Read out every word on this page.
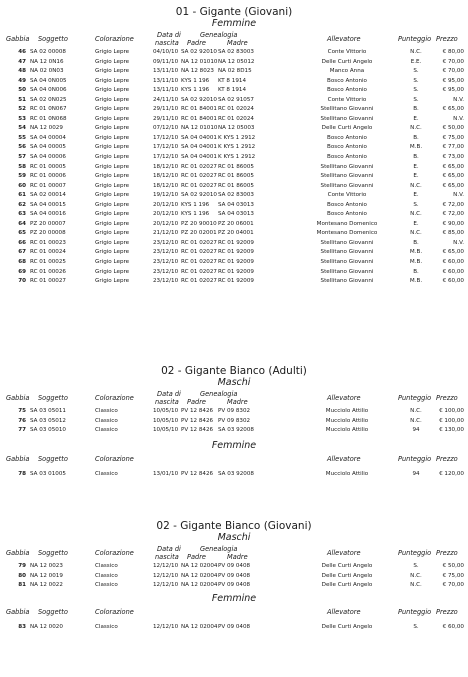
01 - Gigante (Giovani)
Femmine
Gabbia Soggetto	Colorazione	Data di
nascita
Genealogia
Padre	Madre	Allevatore	Punteggio Prezzo
46 SA 02 00008	Grigio Lepre	04/10/10 SA 02 92010 SA 02 83003	Conte Vittorio	N.C.	€ 80,00
47 NA 12 0N16	Grigio Lepre	09/11/10 NA 12 01010 NA 12 05012	Delle Curti Angelo	E.E.	€ 70,00
48 NA 02 0N03	Grigio Lepre	13/11/10 NA 12 8023 NA 02 8D15	Manco Anna	S.	€ 70,00
49 SA 04 0N005	Grigio Lepre	13/11/10 KYS 1 196 KT 8 1914	Bosco Antonio	S.	€ 95,00
50 SA 04 0N006	Grigio Lepre	13/11/10 KYS 1 196 KT 8 1914	Bosco Antonio	S.	€ 95,00
51 SA 02 0N025	Grigio Lepre	24/11/10 SA 02 92010 SA 02 91057	Conte Vittorio	S.	N.V.
52 RC 01 0N067	Grigio Lepre	29/11/10 RC 01 84001 RC 01 02024	Stellitano Giovanni	B.	€ 65,00
53 RC 01 0N068	Grigio Lepre	29/11/10 RC 01 84001 RC 01 02024	Stellitano Giovanni	E.	N.V.
54 NA 12 0029	Grigio Lepre	07/12/10 NA 12 01010 NA 12 05003	Delle Curti Angelo	N.C.	€ 50,00
55 SA 04 00004	Grigio Lepre	17/12/10 SA 04 04001 K KYS 1 2912	Bosco Antonio	B.	€ 75,00
56 SA 04 00005	Grigio Lepre	17/12/10 SA 04 04001 K KYS 1 2912	Bosco Antonio	M.B.	€ 77,00
57 SA 04 00006	Grigio Lepre	17/12/10 SA 04 04001 K KYS 1 2912	Bosco Antonio	B.	€ 73,00
58 RC 01 00005	Grigio Lepre	18/12/10 RC 01 02027 RC 01 86005	Stellitano Giovanni	E.	€ 65,00
59 RC 01 00006	Grigio Lepre	18/12/10 RC 01 02027 RC 01 86005	Stellitano Giovanni	E.	€ 65,00
60 RC 01 00007	Grigio Lepre	18/12/10 RC 01 02027 RC 01 86005	Stellitano Giovanni	N.C.	€ 65,00
61 SA 02 00014	Grigio Lepre	19/12/10 SA 02 92010 SA 02 83003	Conte Vittorio	E.	N.V.
62 SA 04 00015	Grigio Lepre	20/12/10 KYS 1 196 SA 04 03013	Bosco Antonio	S.	€ 72,00
63 SA 04 00016	Grigio Lepre	20/12/10 KYS 1 196 SA 04 03013	Bosco Antonio	N.C.	€ 72,00
64 PZ 20 00007	Grigio Lepre	20/12/10 PZ 20 90010 PZ 20 06001	Montesano Domenico	E.	€ 90,00
65 PZ 20 00008	Grigio Lepre	21/12/10 PZ 20 02001 PZ 20 04001	Montesano Domenico	N.C.	€ 85,00
66 RC 01 00023	Grigio Lepre	23/12/10 RC 01 02027 RC 01 92009	Stellitano Giovanni	B.	N.V.
67 RC 01 00024	Grigio Lepre	23/12/10 RC 01 02027 RC 01 92009	Stellitano Giovanni	M.B.	€ 65,00
68 RC 01 00025	Grigio Lepre	23/12/10 RC 01 02027 RC 01 92009	Stellitano Giovanni	M.B.	€ 60,00
69 RC 01 00026	Grigio Lepre	23/12/10 RC 01 02027 RC 01 92009	Stellitano Giovanni	B.	€ 60,00
70 RC 01 00027	Grigio Lepre	23/12/10 RC 01 02027 RC 01 92009	Stellitano Giovanni	M.B.	€ 60,00
02 - Gigante Bianco (Adulti)
Maschi
Gabbia Soggetto	Colorazione	Data di
nascita
Genealogia
Padre	Madre	Allevatore	Punteggio Prezzo
75 SA 03 05011	Classico	10/05/10 PV 12 8426 PV 09 8302	Mucciolo Attilio	N.C.	€ 100,00
76 SA 03 05012	Classico	10/05/10 PV 12 8426 PV 09 8302	Mucciolo Attilio	N.C.	€ 100,00
77 SA 03 05010	Classico	10/05/10 PV 12 8426 SA 03 92008	Mucciolo Attilio	94	€ 130,00
Femmine
Gabbia Soggetto	Colorazione	Allevatore	Punteggio Prezzo
78 SA 03 01005	Classico	13/01/10 PV 12 8426 SA 03 92008	Mucciolo Attilio	94	€ 120,00
02 - Gigante Bianco (Giovani)
Maschi
Gabbia Soggetto	Colorazione	Data di
nascita
Genealogia
Padre	Madre	Allevatore	Punteggio Prezzo
79 NA 12 0023	Classico	12/12/10 NA 12 02004 PV 09 0408	Delle Curti Angelo	S.	€ 50,00
80 NA 12 0019	Classico	12/12/10 NA 12 02004 PV 09 0408	Delle Curti Angelo	N.C.	€ 75,00
81 NA 12 0022	Classico	12/12/10 NA 12 02004 PV 09 0408	Delle Curti Angelo	N.C.	€ 70,00
Femmine
Gabbia Soggetto	Colorazione	Allevatore	Punteggio Prezzo
83 NA 12 0020	Classico	12/12/10 NA 12 02004 PV 09 0408	Delle Curti Angelo	S.	€ 60,00
